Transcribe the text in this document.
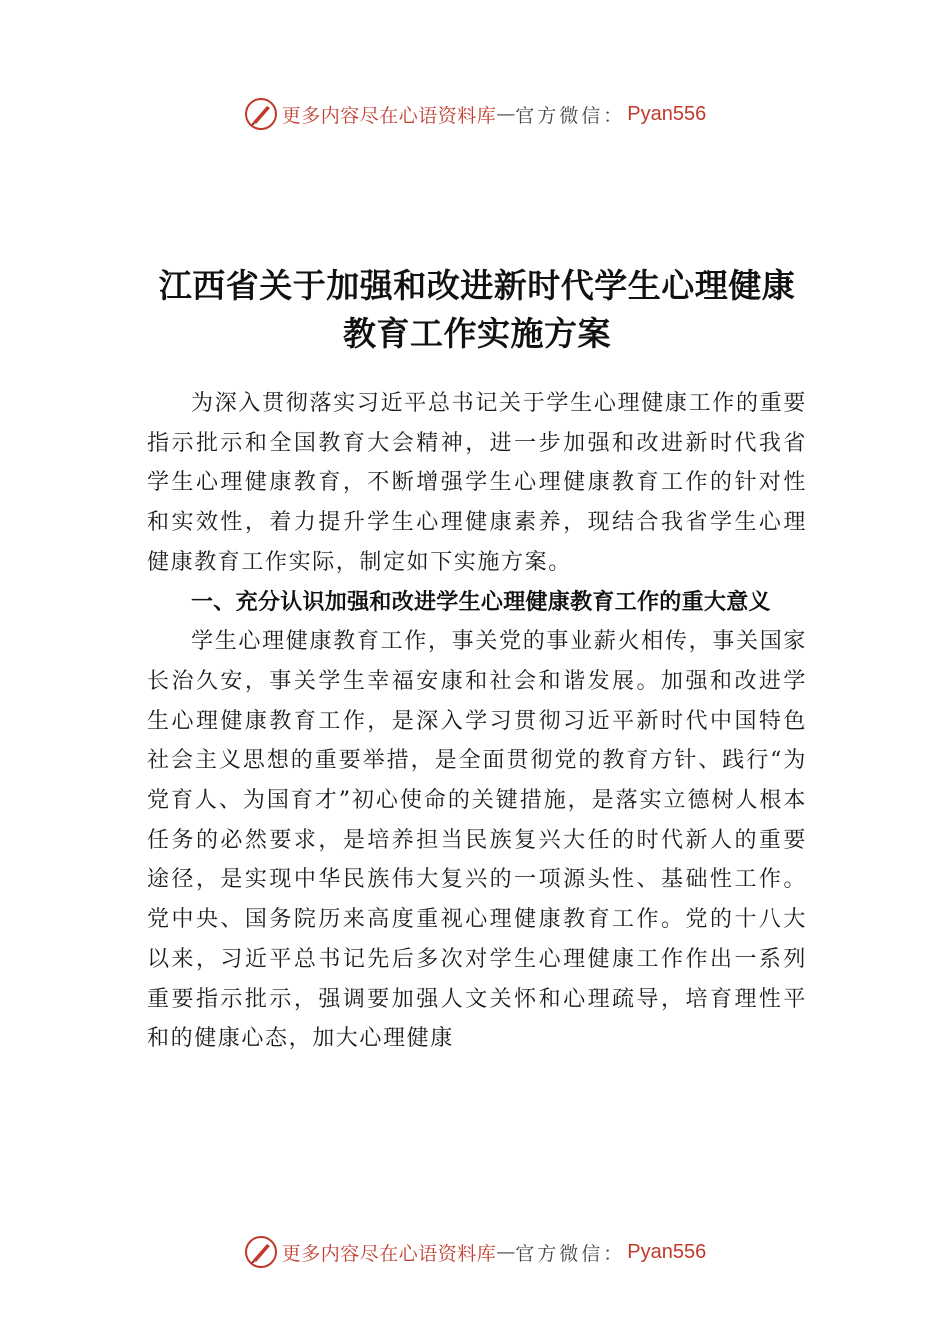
更多内容尽在心语资料库 — 官方微信： Pyan556
江西省关于加强和改进新时代学生心理健康教育工作实施方案

为深入贯彻落实习近平总书记关于学生心理健康工作的重要指示批示和全国教育大会精神，进一步加强和改进新时代我省学生心理健康教育，不断增强学生心理健康教育工作的针对性和实效性，着力提升学生心理健康素养，现结合我省学生心理健康教育工作实际，制定如下实施方案。

一、充分认识加强和改进学生心理健康教育工作的重大意义

学生心理健康教育工作，事关党的事业薪火相传，事关国家长治久安，事关学生幸福安康和社会和谐发展。加强和改进学生心理健康教育工作，是深入学习贯彻习近平新时代中国特色社会主义思想的重要举措，是全面贯彻党的教育方针、践行“为党育人、为国育才”初心使命的关键措施，是落实立德树人根本任务的必然要求，是培养担当民族复兴大任的时代新人的重要途径，是实现中华民族伟大复兴的一项源头性、基础性工作。党中央、国务院历来高度重视心理健康教育工作。党的十八大以来，习近平总书记先后多次对学生心理健康工作作出一系列重要指示批示，强调要加强人文关怀和心理疏导，培育理性平和的健康心态，加大心理健康

更多内容尽在心语资料库 — 官方微信： Pyan556
